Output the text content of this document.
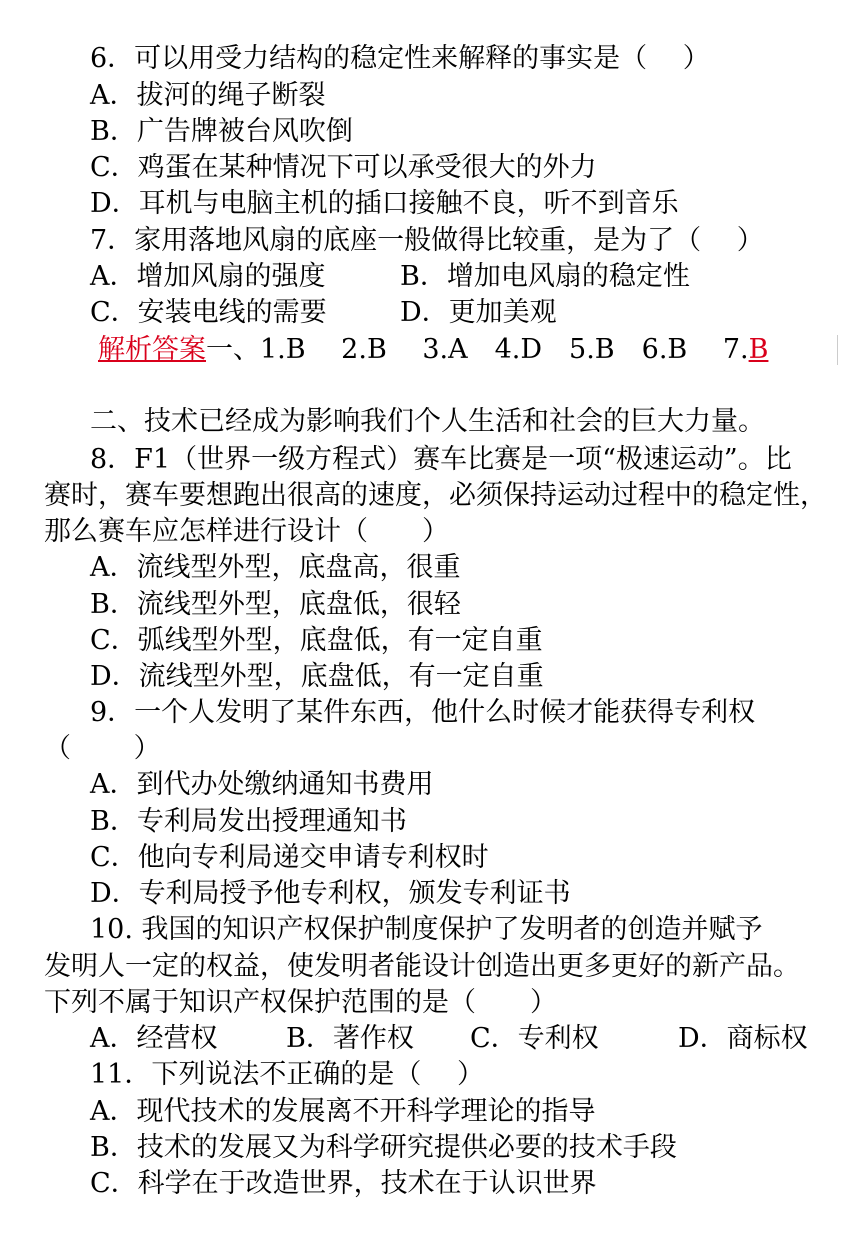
6．可以用受力结构的稳定性来解释的事实是（　 ）
A．拔河的绳子断裂
B．广告牌被台风吹倒
C．鸡蛋在某种情况下可以承受很大的外力
D．耳机与电脑主机的插口接触不良，听不到音乐
7．家用落地风扇的底座一般做得比较重，是为了（　 ）
A．增加风扇的强度	B．增加电风扇的稳定性
C．安装电线的需要	D．更加美观
解析答案一、1.B　 2.B　 3.A　4.D　5.B　6.B　 7.B
二、技术已经成为影响我们个人生活和社会的巨大力量。
8．F1（世界一级方程式）赛车比赛是一项“极速运动”。比
赛时，赛车要想跑出很高的速度，必须保持运动过程中的稳定性，
那么赛车应怎样进行设计（　　）
A．流线型外型，底盘高，很重
B．流线型外型，底盘低，很轻
C．弧线型外型，底盘低，有一定自重
D．流线型外型，底盘低，有一定自重
9．一个人发明了某件东西，他什么时候才能获得专利权
（　　 ）
A．到代办处缴纳通知书费用
B．专利局发出授理通知书
C．他向专利局递交申请专利权时
D．专利局授予他专利权，颁发专利证书
10. 我国的知识产权保护制度保护了发明者的创造并赋予
发明人一定的权益，使发明者能设计创造出更多更好的新产品。
下列不属于知识产权保护范围的是（　　）
A．经营权	B．著作权 C．专利权	D．商标权
11．下列说法不正确的是（　 ）
A．现代技术的发展离不开科学理论的指导
B．技术的发展又为科学研究提供必要的技术手段
C．科学在于改造世界，技术在于认识世界
